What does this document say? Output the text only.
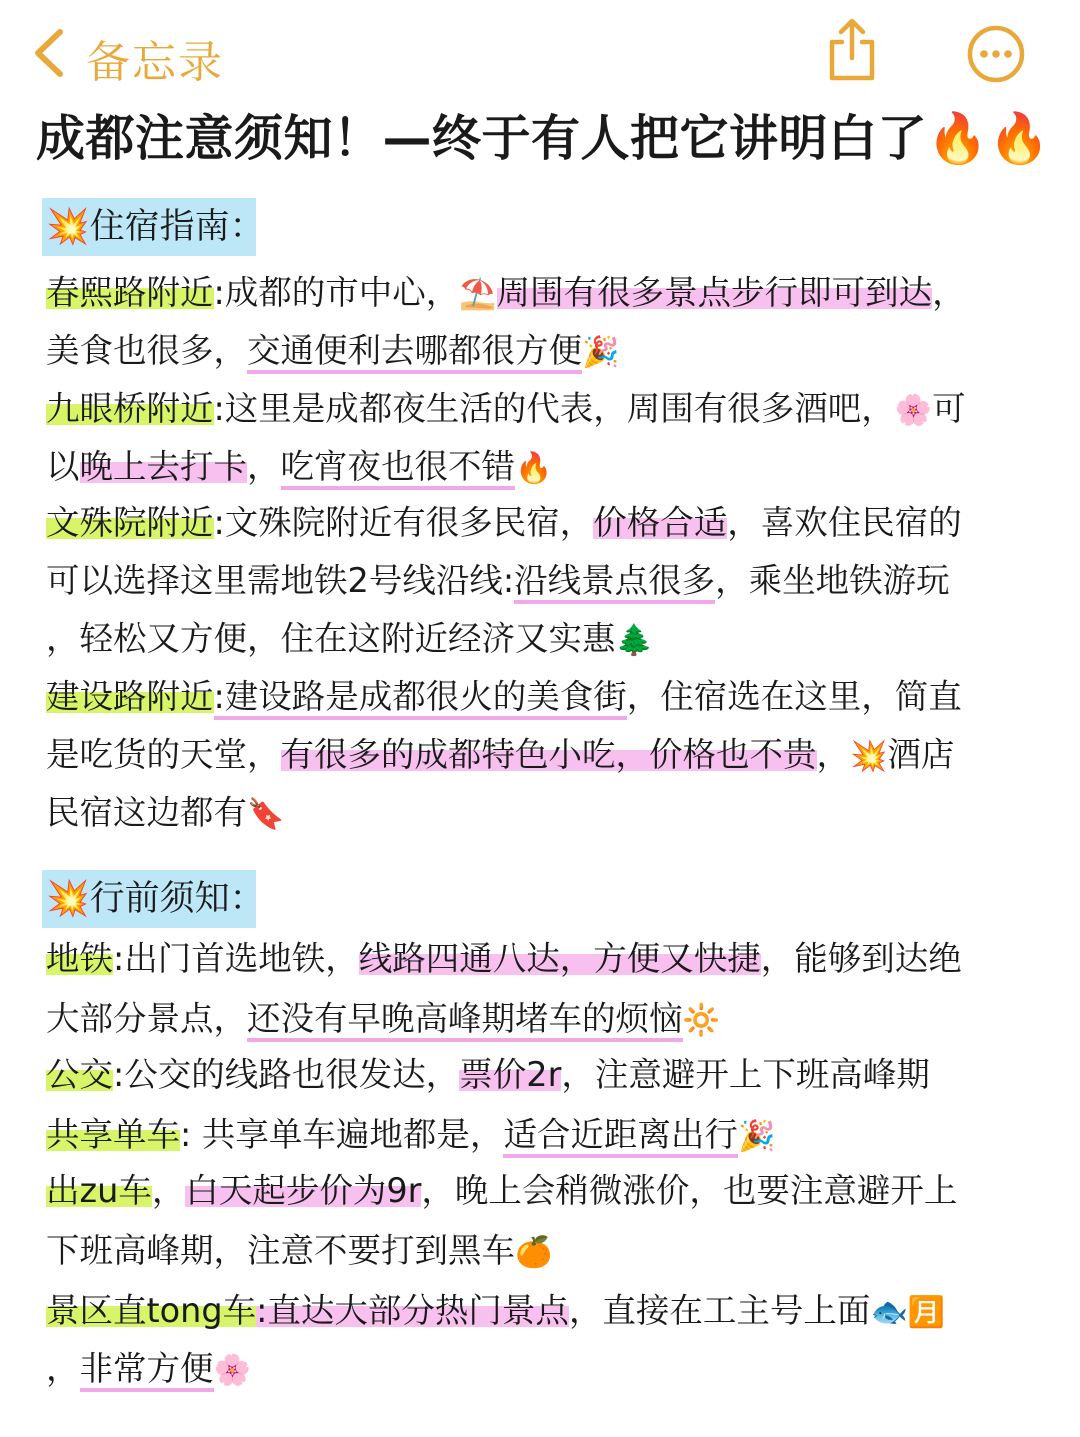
备忘录
成都注意须知！—终于有人把它讲明白了🔥🔥
💥住宿指南：
春熙路附近:成都的市中心，⛱️周围有很多景点步行即可到达，
美食也很多，交通便利去哪都很方便🎉
九眼桥附近:这里是成都夜生活的代表，周围有很多酒吧，🌸可
以晚上去打卡，吃宵夜也很不错🔥
文殊院附近:文殊院附近有很多民宿，价格合适，喜欢住民宿的
可以选择这里需地铁2号线沿线:沿线景点很多，乘坐地铁游玩
，轻松又方便，住在这附近经济又实惠🌲
建设路附近:建设路是成都很火的美食街，住宿选在这里，简直
是吃货的天堂，有很多的成都特色小吃，价格也不贵，💥酒店
民宿这边都有🔖
💥行前须知：
地铁:出门首选地铁，线路四通八达，方便又快捷，能够到达绝
大部分景点，还没有早晚高峰期堵车的烦恼🔆
公交:公交的线路也很发达，票价2r，注意避开上下班高峰期
共享单车: 共享单车遍地都是，适合近距离出行🎉
出zu车，白天起步价为9r，晚上会稍微涨价，也要注意避开上
下班高峰期，注意不要打到黑车🍊
景区直tong车:直达大部分热门景点，直接在工主号上面🐟🈷️
，非常方便🌸
